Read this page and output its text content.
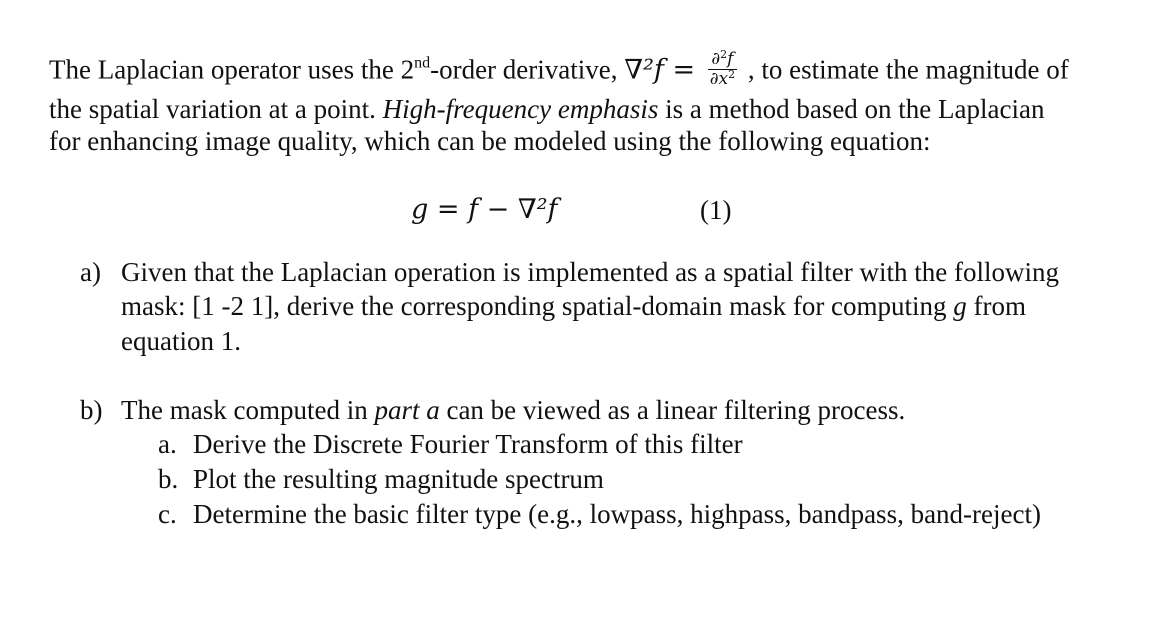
The Laplacian operator uses the 2nd-order derivative, $\nabla^2f = \frac{\partial^2f}{\partial x^2}$ , to estimate the magnitude of
the spatial variation at a point. High-frequency emphasis is a method based on the Laplacian
for enhancing image quality, which can be modeled using the following equation:
g = f − ∇²f	(1)
a) Given that the Laplacian operation is implemented as a spatial filter with the following
mask: [1 -2 1], derive the corresponding spatial-domain mask for computing g from
equation 1.
b) The mask computed in part a can be viewed as a linear filtering process.
a. Derive the Discrete Fourier Transform of this filter
b. Plot the resulting magnitude spectrum
c. Determine the basic filter type (e.g., lowpass, highpass, bandpass, band-reject)
